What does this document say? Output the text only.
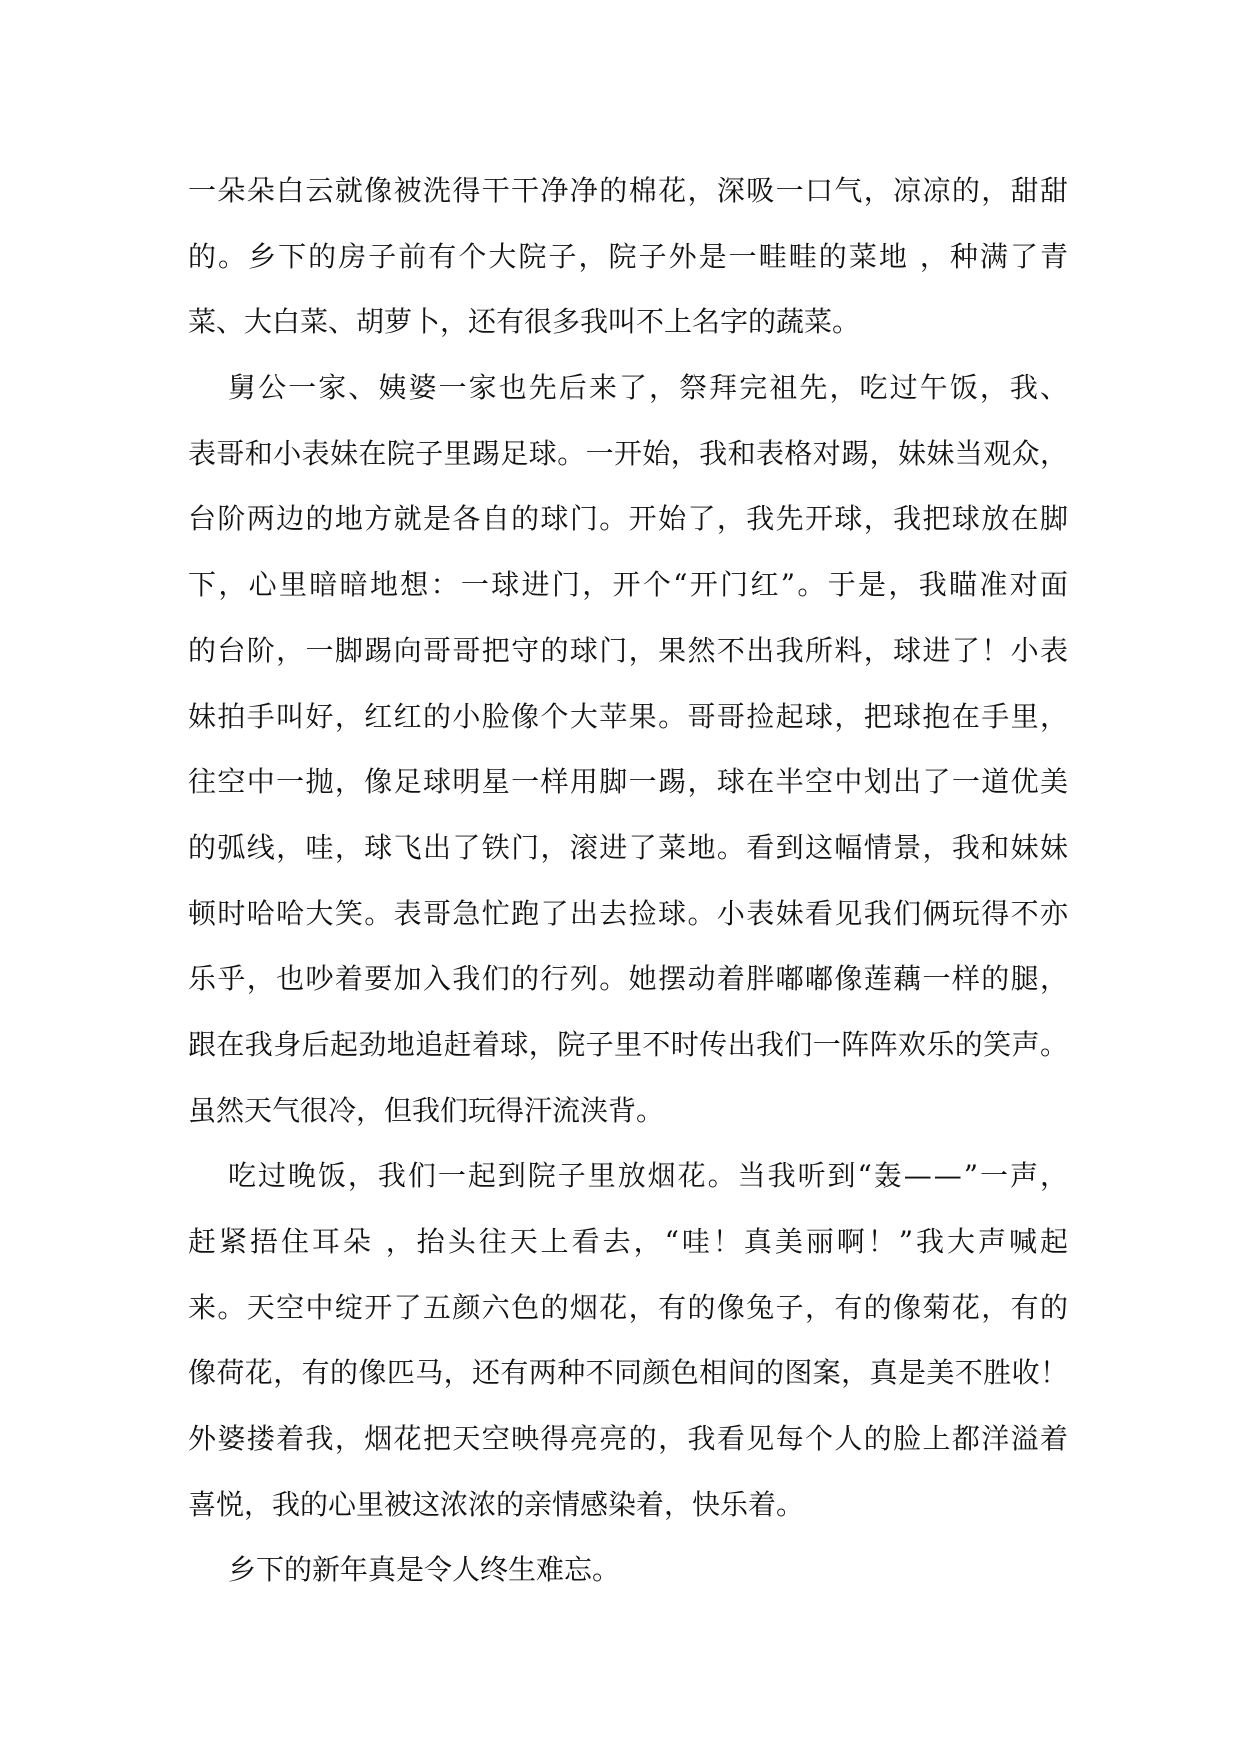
一朵朵白云就像被洗得干干净净的棉花，深吸一口气，凉凉的，甜甜
的。乡下的房子前有个大院子，院子外是一畦畦的菜地 ，种满了青
菜、大白菜、胡萝卜，还有很多我叫不上名字的蔬菜。
舅公一家、姨婆一家也先后来了，祭拜完祖先，吃过午饭，我、
表哥和小表妹在院子里踢足球。一开始，我和表格对踢，妹妹当观众，
台阶两边的地方就是各自的球门。开始了，我先开球，我把球放在脚
下，心里暗暗地想：一球进门，开个“开门红”。于是，我瞄准对面
的台阶，一脚踢向哥哥把守的球门，果然不出我所料，球进了！小表
妹拍手叫好，红红的小脸像个大苹果。哥哥捡起球，把球抱在手里，
往空中一抛，像足球明星一样用脚一踢，球在半空中划出了一道优美
的弧线，哇，球飞出了铁门，滚进了菜地。看到这幅情景，我和妹妹
顿时哈哈大笑。表哥急忙跑了出去捡球。小表妹看见我们俩玩得不亦
乐乎，也吵着要加入我们的行列。她摆动着胖嘟嘟像莲藕一样的腿，
跟在我身后起劲地追赶着球，院子里不时传出我们一阵阵欢乐的笑声。
虽然天气很冷，但我们玩得汗流浃背。
吃过晚饭，我们一起到院子里放烟花。当我听到“轰——”一声，
赶紧捂住耳朵 ，抬头往天上看去，“哇！真美丽啊！”我大声喊起
来。天空中绽开了五颜六色的烟花，有的像兔子，有的像菊花，有的
像荷花，有的像匹马，还有两种不同颜色相间的图案，真是美不胜收！
外婆搂着我，烟花把天空映得亮亮的，我看见每个人的脸上都洋溢着
喜悦，我的心里被这浓浓的亲情感染着，快乐着。
乡下的新年真是令人终生难忘。
